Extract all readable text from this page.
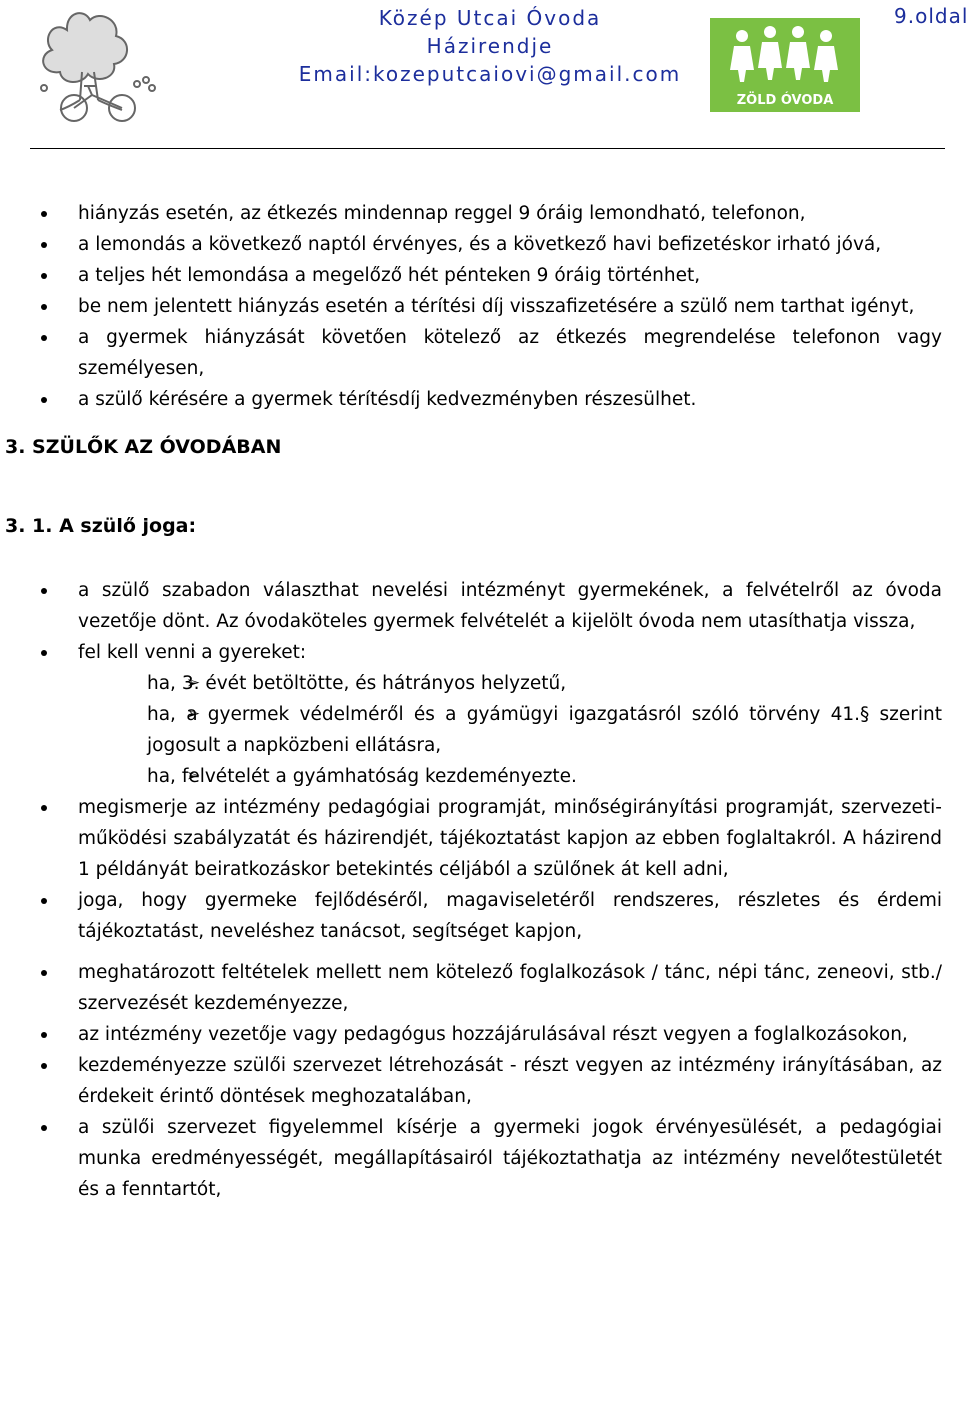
Közép Utcai Óvoda
Házirendje
Email:kozeputcaiovi@gmail.com
9.oldal
ZÖLD ÓVODA
hiányzás esetén, az étkezés mindennap reggel 9 óráig lemondható, telefonon,
a lemondás a következő naptól érvényes, és a következő havi befizetéskor irható jóvá,
a teljes hét lemondása a megelőző hét pénteken 9 óráig történhet,
be nem jelentett hiányzás esetén a térítési díj visszafizetésére a szülő nem tarthat igényt,
a gyermek hiányzását követően kötelező az étkezés megrendelése telefonon vagy személyesen,
a szülő kérésére a gyermek térítésdíj kedvezményben részesülhet.
3. SZÜLŐK AZ ÓVODÁBAN
3. 1. A szülő joga:
a szülő szabadon választhat nevelési intézményt gyermekének, a felvételről az óvoda vezetője dönt. Az óvodaköteles gyermek felvételét a kijelölt óvoda nem utasíthatja vissza,
fel kell venni a gyereket:
➢ ha, 3. évét betöltötte, és hátrányos helyzetű,
➢ ha, a gyermek védelméről és a gyámügyi igazgatásról szóló törvény 41.§ szerint jogosult a napközbeni ellátásra,
➢ ha, felvételét a gyámhatóság kezdeményezte.
megismerje az intézmény pedagógiai programját, minőségirányítási programját, szervezeti-működési szabályzatát és házirendjét, tájékoztatást kapjon az ebben foglaltakról. A házirend 1 példányát beiratkozáskor betekintés céljából a szülőnek át kell adni,
joga, hogy gyermeke fejlődéséről, magaviseletéről rendszeres, részletes és érdemi tájékoztatást, neveléshez tanácsot, segítséget kapjon,
meghatározott feltételek mellett nem kötelező foglalkozások / tánc, népi tánc, zeneovi, stb./ szervezését kezdeményezze,
az intézmény vezetője vagy pedagógus hozzájárulásával részt vegyen a foglalkozásokon,
kezdeményezze szülői szervezet létrehozását - részt vegyen az intézmény irányításában, az érdekeit érintő döntések meghozatalában,
a szülői szervezet figyelemmel kísérje a gyermeki jogok érvényesülését, a pedagógiai munka eredményességét, megállapításairól tájékoztathatja az intézmény nevelőtestületét és a fenntartót,
